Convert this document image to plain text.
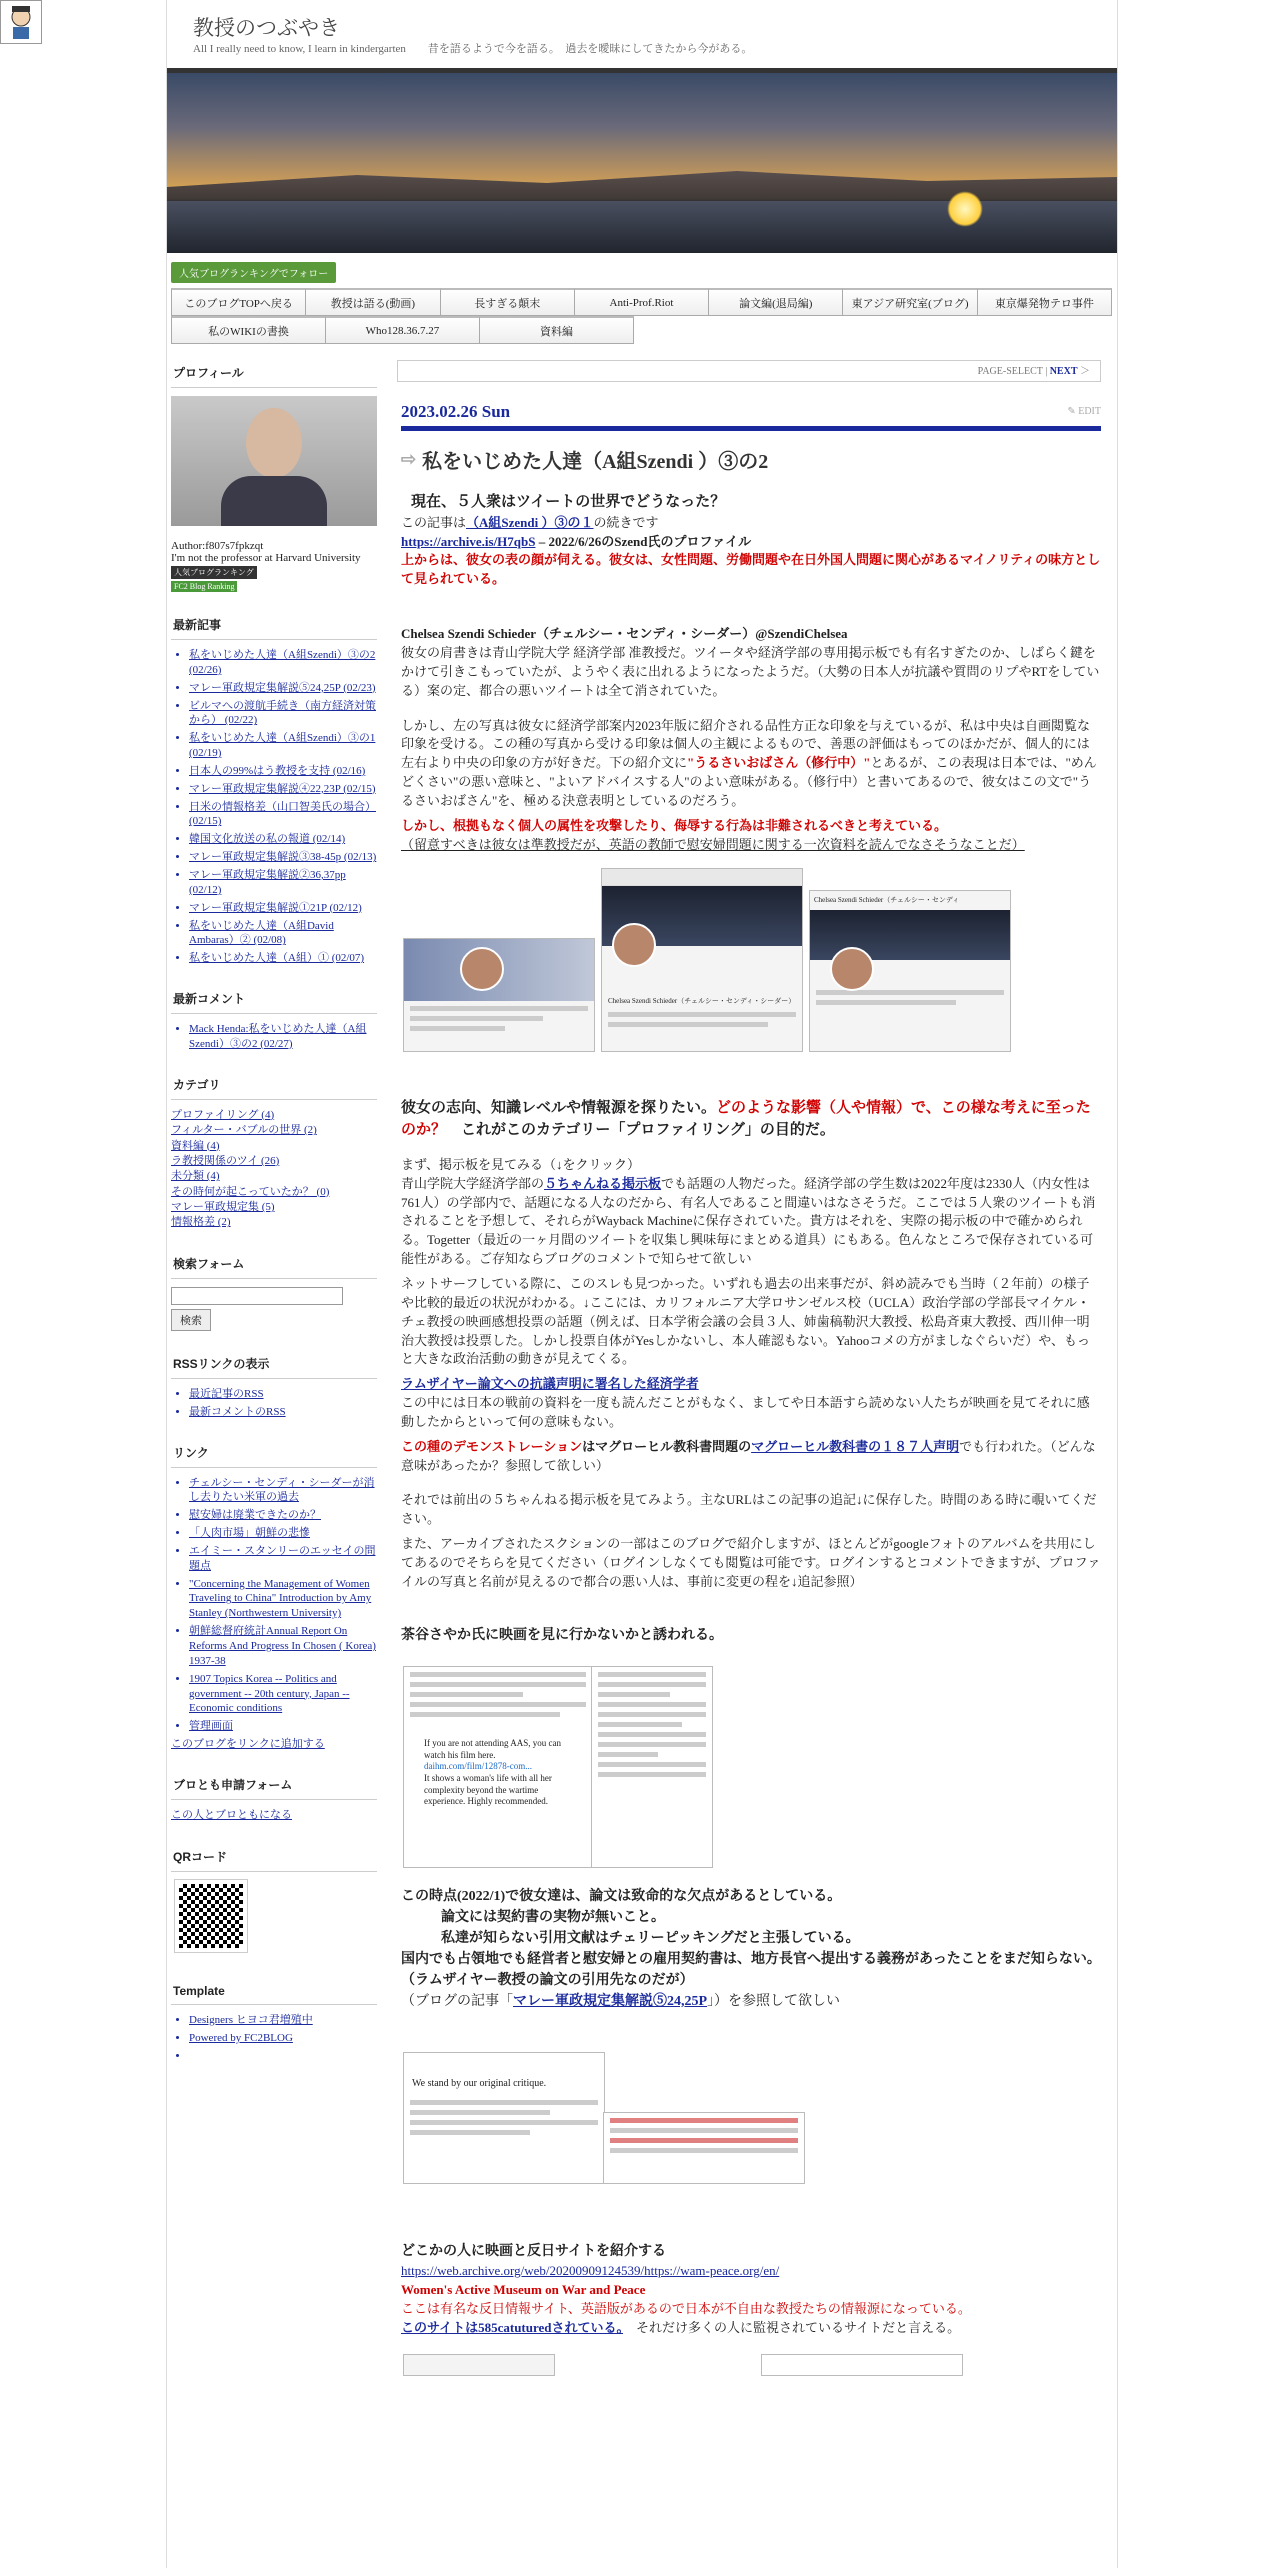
教授のつぶやき
All I really need to know, I learn in kindergarten　　昔を語るようで今を語る。　過去を曖昧にしてきたから今がある。
人気ブログランキングでフォロー
このブログTOPへ戻る	教授は語る(動画)	長すぎる顛末	Anti-Prof.Riot	論文編(退局編)	東アジア研究室(ブログ)	東京爆発物テロ事件
私のWIKIの書換	Who128.36.7.27	資料編
プロフィール
Author:f807s7fpkzqt
I'm not the professor at Harvard University
人気ブログランキング
FC2 Blog Ranking
最新記事
• 私をいじめた人達（A組Szendi）③の2 (02/26)
• マレー軍政規定集解説⑤24,25P (02/23)
• ビルマへの渡航手続き（南方経済対策から） (02/22)
• 私をいじめた人達（A組Szendi）③の1 (02/19)
• 日本人の99%はう教授を支持 (02/16)
• マレー軍政規定集解説④22,23P (02/15)
• 日米の情報格差（山口智美氏の場合） (02/15)
• 韓国文化放送の私の報道 (02/14)
• マレー軍政規定集解説③38-45p (02/13)
• マレー軍政規定集解説②36,37pp (02/12)
• マレー軍政規定集解説①21P (02/12)
• 私をいじめた人達（A組David Ambaras）② (02/08)
• 私をいじめた人達（A組）① (02/07)
最新コメント
• Mack Henda:私をいじめた人達（A組Szendi）③の2 (02/27)
カテゴリ
プロファイリング (4)
フィルター・バブルの世界 (2)
資料編 (4)
ラ教授関係のツイ (26)
未分類 (4)
その時何が起こっていたか？ (0)
マレー軍政規定集 (5)
情報格差 (2)
検索フォーム
検索
RSSリンクの表示
• 最近記事のRSS
• 最新コメントのRSS
リンク
• チェルシー・センディ・シーダーが消し去りたい米軍の過去
• 慰安婦は廃業できたのか？
• 「人肉市場」朝鮮の悲慘
• エイミー・スタンリーのエッセイの問題点
• "Concerning the Management of Women Traveling to China" Introduction by Amy Stanley (Northwestern University)
• 朝鮮総督府統計Annual Report On Reforms And Progress In Chosen ( Korea) 1937-38
• 1907 Topics Korea -- Politics and government -- 20th century, Japan -- Economic conditions
• 管理画面
このブログをリンクに追加する
ブロとも申請フォーム
この人とブロともになる
QRコード
Template
• Designers ヒヨコ君増殖中
• Powered by FC2BLOG
•
PAGE-SELECT | NEXT ＞
2023.02.26 Sun	✎ EDIT
⇨ 私をいじめた人達（A組Szendi ）③の2
現在、５人衆はツイートの世界でどうなった？
この記事は（A組Szendi ）③の１の続きです
https://archive.is/H7qbS – 2022/6/26のSzend氏のプロファイル
上からは、彼女の表の顔が伺える。彼女は、女性問題、労働問題や在日外国人問題に関心があるマイノリティの味方として見られている。
Chelsea Szendi Schieder（チェルシー・センディ・シーダー）@SzendiChelsea

彼女の肩書きは青山学院大学 経済学部 准教授だ。ツイータや経済学部の専用掲示板でも有名すぎたのか、しばらく鍵をかけて引きこもっていたが、ようやく表に出れるようになったようだ。（大勢の日本人が抗議や質問のリプやRTをしている）案の定、都合の悪いツイートは全て消されていた。

しかし、左の写真は彼女に経済学部案内2023年版に紹介される品性方正な印象を与えているが、私は中央は自画閲覧な印象を受ける。この種の写真から受ける印象は個人の主観によるもので、善悪の評価はもってのほかだが、個人的には左右より中央の印象の方が好きだ。下の紹介文に"うるさいおばさん（修行中）"とあるが、この表現は日本では、"めんどくさい"の悪い意味と、"よいアドバイスする人"のよい意味がある。（修行中）と書いてあるので、彼女はこの文で"うるさいおばさん"を、極める決意表明としているのだろう。

しかし、根拠もなく個人の属性を攻撃したり、侮辱する行為は非難されるべきと考えている。
（留意すべきは彼女は準教授だが、英語の教師で慰安婦問題に関する一次資料を読んでなさそうなことだ）
Chelsea Szendi Schieder（チェルシー・センディ・シーダー）
Chelsea Szendi Schieder（チェルシー・センディ
彼女の志向、知識レベルや情報源を探りたい。どのような影響（人や情報）で、この様な考えに至ったのか？　これがこのカテゴリー「プロファイリング」の目的だ。
まず、掲示板を見てみる（↓をクリック）

青山学院大学経済学部の５ちゃんねる掲示板でも話題の人物だった。経済学部の学生数は2022年度は2330人（内女性は761人）の学部内で、話題になる人なのだから、有名人であること間違いはなさそうだ。ここでは５人衆のツイートも消されることを予想して、それらがWayback Machineに保存されていた。貴方はそれを、実際の掲示板の中で確かめられる。Togetter（最近の一ヶ月間のツイートを収集し興味毎にまとめる道具）にもある。色んなところで保存されている可能性がある。ご存知ならブログのコメントで知らせて欲しい

ネットサーフしている際に、このスレも見つかった。いずれも過去の出来事だが、斜め読みでも当時（２年前）の様子や比較的最近の状況がわかる。↓ここには、カリフォルニア大学ロサンゼルス校（UCLA）政治学部の学部長マイケル・チェ教授の映画感想投票の話題（例えば、日本学術会議の会員３人、姉歯稿勒沢大教授、松島斉東大教授、西川伸一明治大教授は投票した。しかし投票自体がYesしかないし、本人確認もない。Yahooコメの方がましなぐらいだ）や、もっと大きな政治活動の動きが見えてくる。

ラムザイヤー論文への抗議声明に署名した経済学者

この中には日本の戦前の資料を一度も読んだことがもなく、ましてや日本語すら読めない人たちが映画を見てそれに感動したからといって何の意味もない。

この種のデモンストレーションはマグローヒル教科書問題のマグローヒル教科書の１８７人声明でも行われた。（どんな意味があったか？参照して欲しい）

それでは前出の５ちゃんねる掲示板を見てみよう。主なURLはこの記事の追記↓に保存した。時間のある時に覗いてください。

また、アーカイブされたスクションの一部はこのブログで紹介しますが、ほとんどがgoogleフォトのアルバムを共用にしてあるのでそちらを見てください（ログインしなくても閲覧は可能です。ログインするとコメントできますが、プロファイルの写真と名前が見えるので都合の悪い人は、事前に変更の程を↓追記参照）

茶谷さやか氏に映画を見に行かないかと誘われる。
If you are not attending AAS, you can watch his film here.
daihm.com/film/12878-com...
It shows a woman's life with all her complexity beyond the wartime experience. Highly recommended.
この時点(2022/1)で彼女達は、論文は致命的な欠点があるとしている。
論文には契約書の実物が無いこと。
私達が知らない引用文献はチェリーピッキングだと主張している。
国内でも占領地でも経営者と慰安婦との雇用契約書は、地方長官へ提出する義務があったことをまだ知らない。（ラムザイヤー教授の論文の引用先なのだが）
（ブログの記事「マレー軍政規定集解説⑤24,25P」）を参照して欲しい
We stand by our original critique.
どこかの人に映画と反日サイトを紹介する
https://web.archive.org/web/20200909124539/https://wam-peace.org/en/
Women's Active Museum on War and Peace
ここは有名な反日情報サイト、英語版があるので日本が不自由な教授たちの情報源になっている。
このサイトは585catuturedされている。　それだけ多くの人に監視されているサイトだと言える。
